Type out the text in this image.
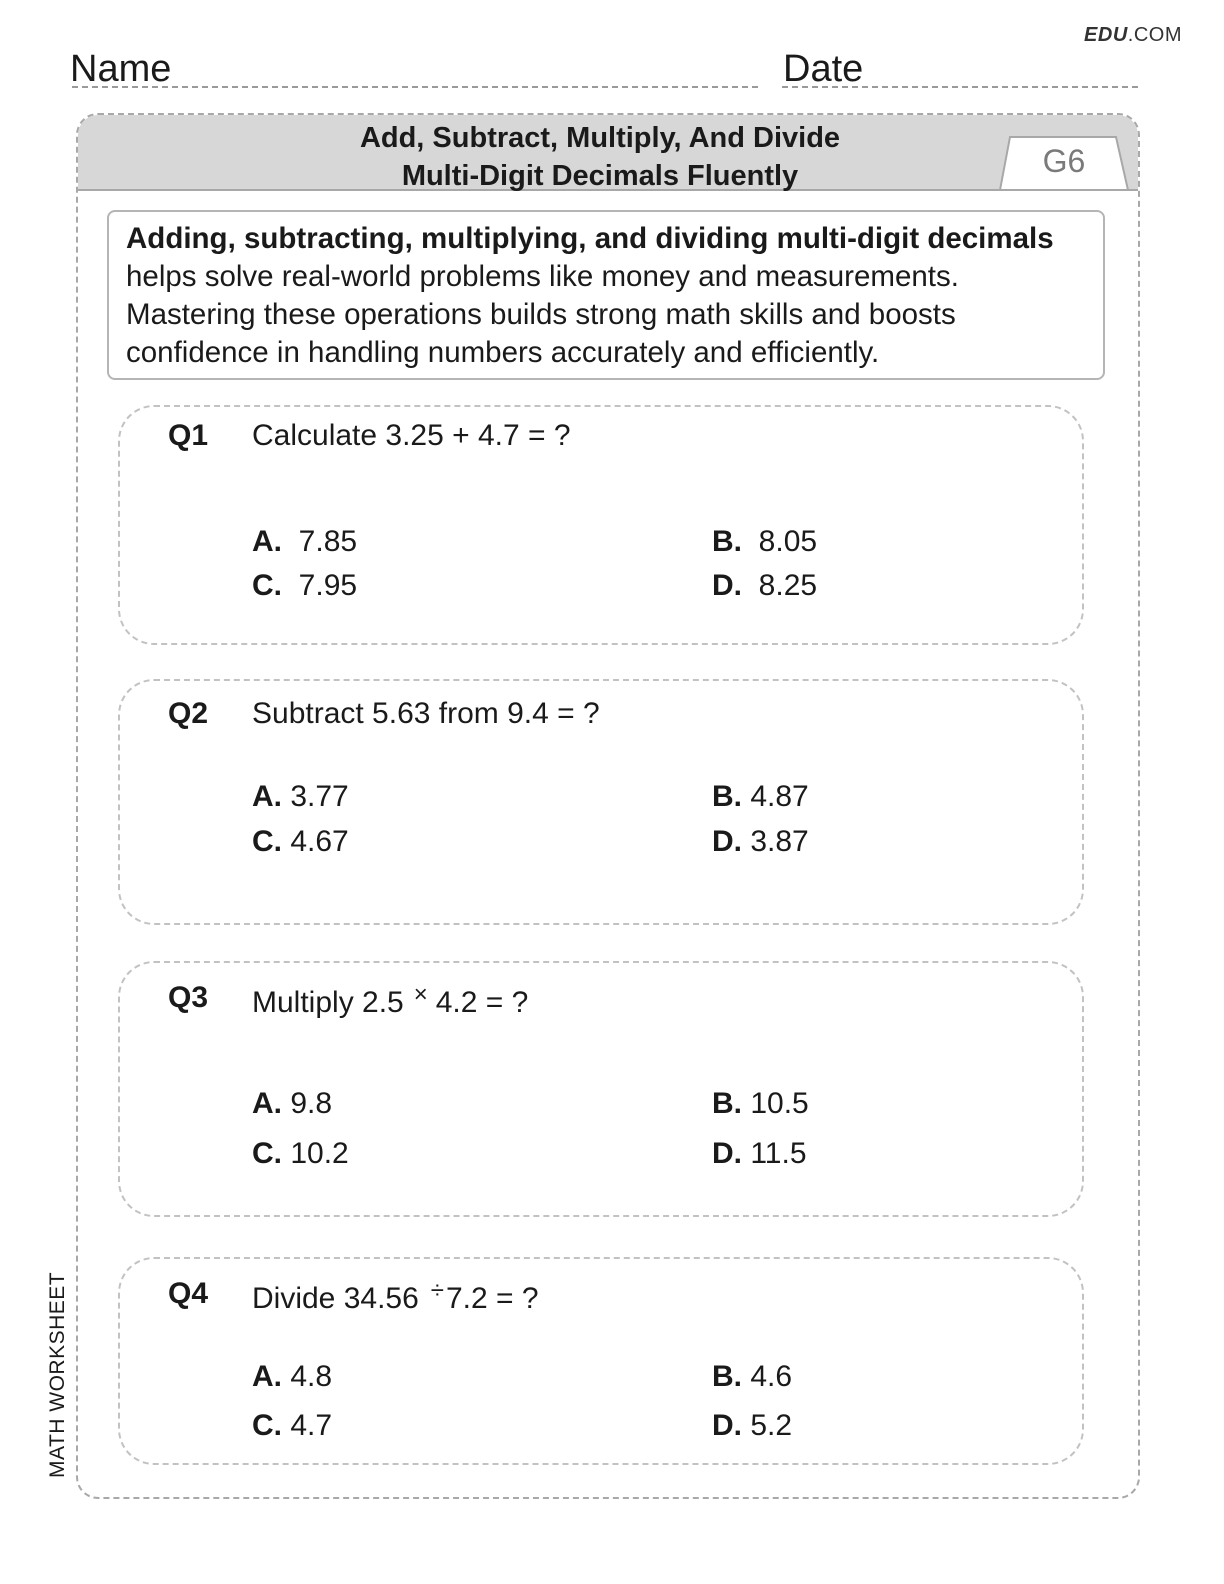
EDU.COM
Name	Date
Add, Subtract, Multiply, And Divide
Multi-Digit Decimals Fluently	G6
Adding, subtracting, multiplying, and dividing multi-digit decimals helps solve real-world problems like money and measurements. Mastering these operations builds strong math skills and boosts confidence in handling numbers accurately and efficiently.
Q1 Calculate 3.25 + 4.7 = ?
A. 7.85	B. 8.05
C. 7.95	D. 8.25
Q2 Subtract 5.63 from 9.4 = ?
A. 3.77	B. 4.87
C. 4.67	D. 3.87
Q3 Multiply 2.5 × 4.2 = ?
A. 9.8	B. 10.5
C. 10.2	D. 11.5
Q4 Divide 34.56 ÷7.2 = ?
A. 4.8	B. 4.6
C. 4.7	D. 5.2
MATH WORKSHEET
